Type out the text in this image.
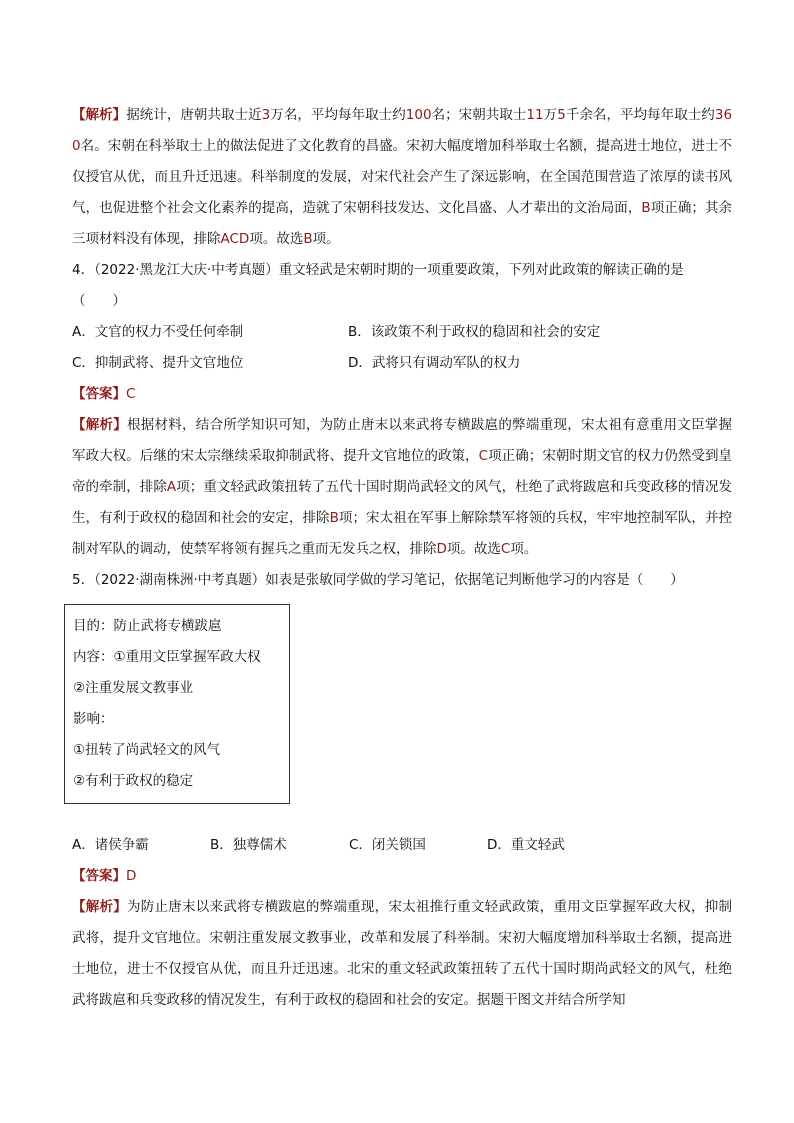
【解析】据统计，唐朝共取士近3万名，平均每年取士约100名；宋朝共取士11万5千余名，平均每年取士约360名。宋朝在科举取士上的做法促进了文化教育的昌盛。宋初大幅度增加科举取士名额，提高进士地位，进士不仅授官从优，而且升迁迅速。科举制度的发展，对宋代社会产生了深远影响，在全国范围营造了浓厚的读书风气，也促进整个社会文化素养的提高，造就了宋朝科技发达、文化昌盛、人才辈出的文治局面，B项正确；其余三项材料没有体现，排除ACD项。故选B项。

4．（2022·黑龙江大庆·中考真题）重文轻武是宋朝时期的一项重要政策，下列对此政策的解读正确的是

（　　）

A．文官的权力不受任何牵制	B．该政策不利于政权的稳固和社会的安定
C．抑制武将、提升文官地位	D．武将只有调动军队的权力

【答案】C

【解析】根据材料，结合所学知识可知，为防止唐末以来武将专横跋扈的弊端重现，宋太祖有意重用文臣掌握军政大权。后继的宋太宗继续采取抑制武将、提升文官地位的政策，C项正确；宋朝时期文官的权力仍然受到皇帝的牵制，排除A项；重文轻武政策扭转了五代十国时期尚武轻文的风气，杜绝了武将跋扈和兵变政移的情况发生，有利于政权的稳固和社会的安定，排除B项；宋太祖在军事上解除禁军将领的兵权，牢牢地控制军队，并控制对军队的调动，使禁军将领有握兵之重而无发兵之权，排除D项。故选C项。

5．（2022·湖南株洲·中考真题）如表是张敏同学做的学习笔记，依据笔记判断他学习的内容是（　　）

目的：防止武将专横跋扈
内容：①重用文臣掌握军政大权
②注重发展文教事业
影响：
①扭转了尚武轻文的风气
②有利于政权的稳定
A．诸侯争霸	B．独尊儒术	C．闭关锁国	D．重文轻武

【答案】D

【解析】为防止唐末以来武将专横跋扈的弊端重现，宋太祖推行重文轻武政策，重用文臣掌握军政大权，抑制武将，提升文官地位。宋朝注重发展文教事业，改革和发展了科举制。宋初大幅度增加科举取士名额，提高进士地位，进士不仅授官从优，而且升迁迅速。北宋的重文轻武政策扭转了五代十国时期尚武轻文的风气，杜绝武将跋扈和兵变政移的情况发生，有利于政权的稳固和社会的安定。据题干图文并结合所学知
